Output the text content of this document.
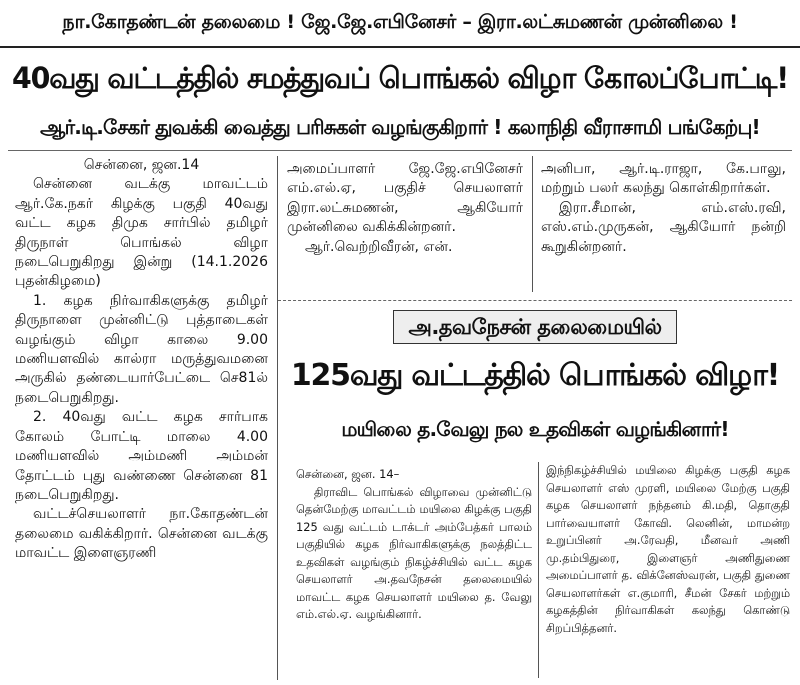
நா.கோதண்டன் தலைமை ! ஜே.ஜே.எபினேசர் – இரா.லட்சுமணன் முன்னிலை !
40வது வட்டத்தில் சமத்துவப் பொங்கல் விழா கோலப்போட்டி!
ஆர்.டி.சேகர் துவக்கி வைத்து பரிசுகள் வழங்குகிறார் ! கலாநிதி வீராசாமி பங்கேற்பு!

சென்னை, ஜன.14

சென்னை வடக்கு மாவட்டம் ஆர்.கே.நகர் கிழக்கு பகுதி 40வது வட்ட கழக திமுக சார்பில் தமிழர் திருநாள் பொங்கல் விழா நடைபெறுகிறது இன்று (14.1.2026 புதன்கிழமை)

1. கழக நிர்வாகிகளுக்கு தமிழர் திருநாளை முன்னிட்டு புத்தாடைகள் வழங்கும் விழா காலை 9.00 மணியளவில் கால்ரா மருத்துவமனை அருகில் தண்டையார்பேட்டை செ81ல் நடைபெறுகிறது.

2. 40வது வட்ட கழக சார்பாக கோலம் போட்டி மாலை 4.00 மணியளவில் அம்மணி அம்மன் தோட்டம் புது வண்ணை சென்னை 81 நடைபெறுகிறது.

வட்டச்செயலாளர் நா.கோதண்டன் தலைமை வகிக்கிறார். சென்னை வடக்கு மாவட்ட இளைஞரணி

அமைப்பாளர் ஜே.ஜே.எபினேசர் எம்.எல்.ஏ, பகுதிச் செயலாளர் இரா.லட்சுமணன், ஆகியோர் முன்னிலை வகிக்கின்றனர்.

ஆர்.வெற்றிவீரன், என்.

அனிபா, ஆர்.டி.ராஜா, கே.பாலு, மற்றும் பலர் கலந்து கொள்கிறார்கள்.

இரா.சீமான், எம்.எஸ்.ரவி, எஸ்.எம்.முருகன், ஆகியோர் நன்றி கூறுகின்றனர்.

அ.தவநேசன் தலைமையில்
125வது வட்டத்தில் பொங்கல் விழா!
மயிலை த.வேலு நல உதவிகள் வழங்கினார்!

சென்னை, ஜன. 14–

திராவிட பொங்கல் விழாவை முன்னிட்டு தென்மேற்கு மாவட்டம் மயிலை கிழக்கு பகுதி 125 வது வட்டம் டாக்டர் அம்பேத்கர் பாலம் பகுதியில் கழக நிர்வாகிகளுக்கு நலத்திட்ட உதவிகள் வழங்கும் நிகழ்ச்சியில் வட்ட கழக செயலாளர் அ.தவநேசன் தலைமையில் மாவட்ட கழக செயலாளர் மயிலை த. வேலு எம்.எல்.ஏ. வழங்கினார்.

இந்நிகழ்ச்சியில் மயிலை கிழக்கு பகுதி கழக செயலாளர் எஸ் முரளி, மயிலை மேற்கு பகுதி கழக செயலாளர் நந்தனம் கி.மதி, தொகுதி பார்வையாளர் கோவி. லெனின், மாமன்ற உறுப்பினர் அ.ரேவதி, மீனவர் அணி மு.தம்பிதுரை, இளைஞர் அணிதுணை அமைப்பாளர் த. விக்னேஸ்வரன், பகுதி துணை செயலாளர்கள் எ.குமாரி, சீமன் சேகர் மற்றும் கழகத்தின் நிர்வாகிகள் கலந்து கொண்டு சிறப்பித்தனர்.
